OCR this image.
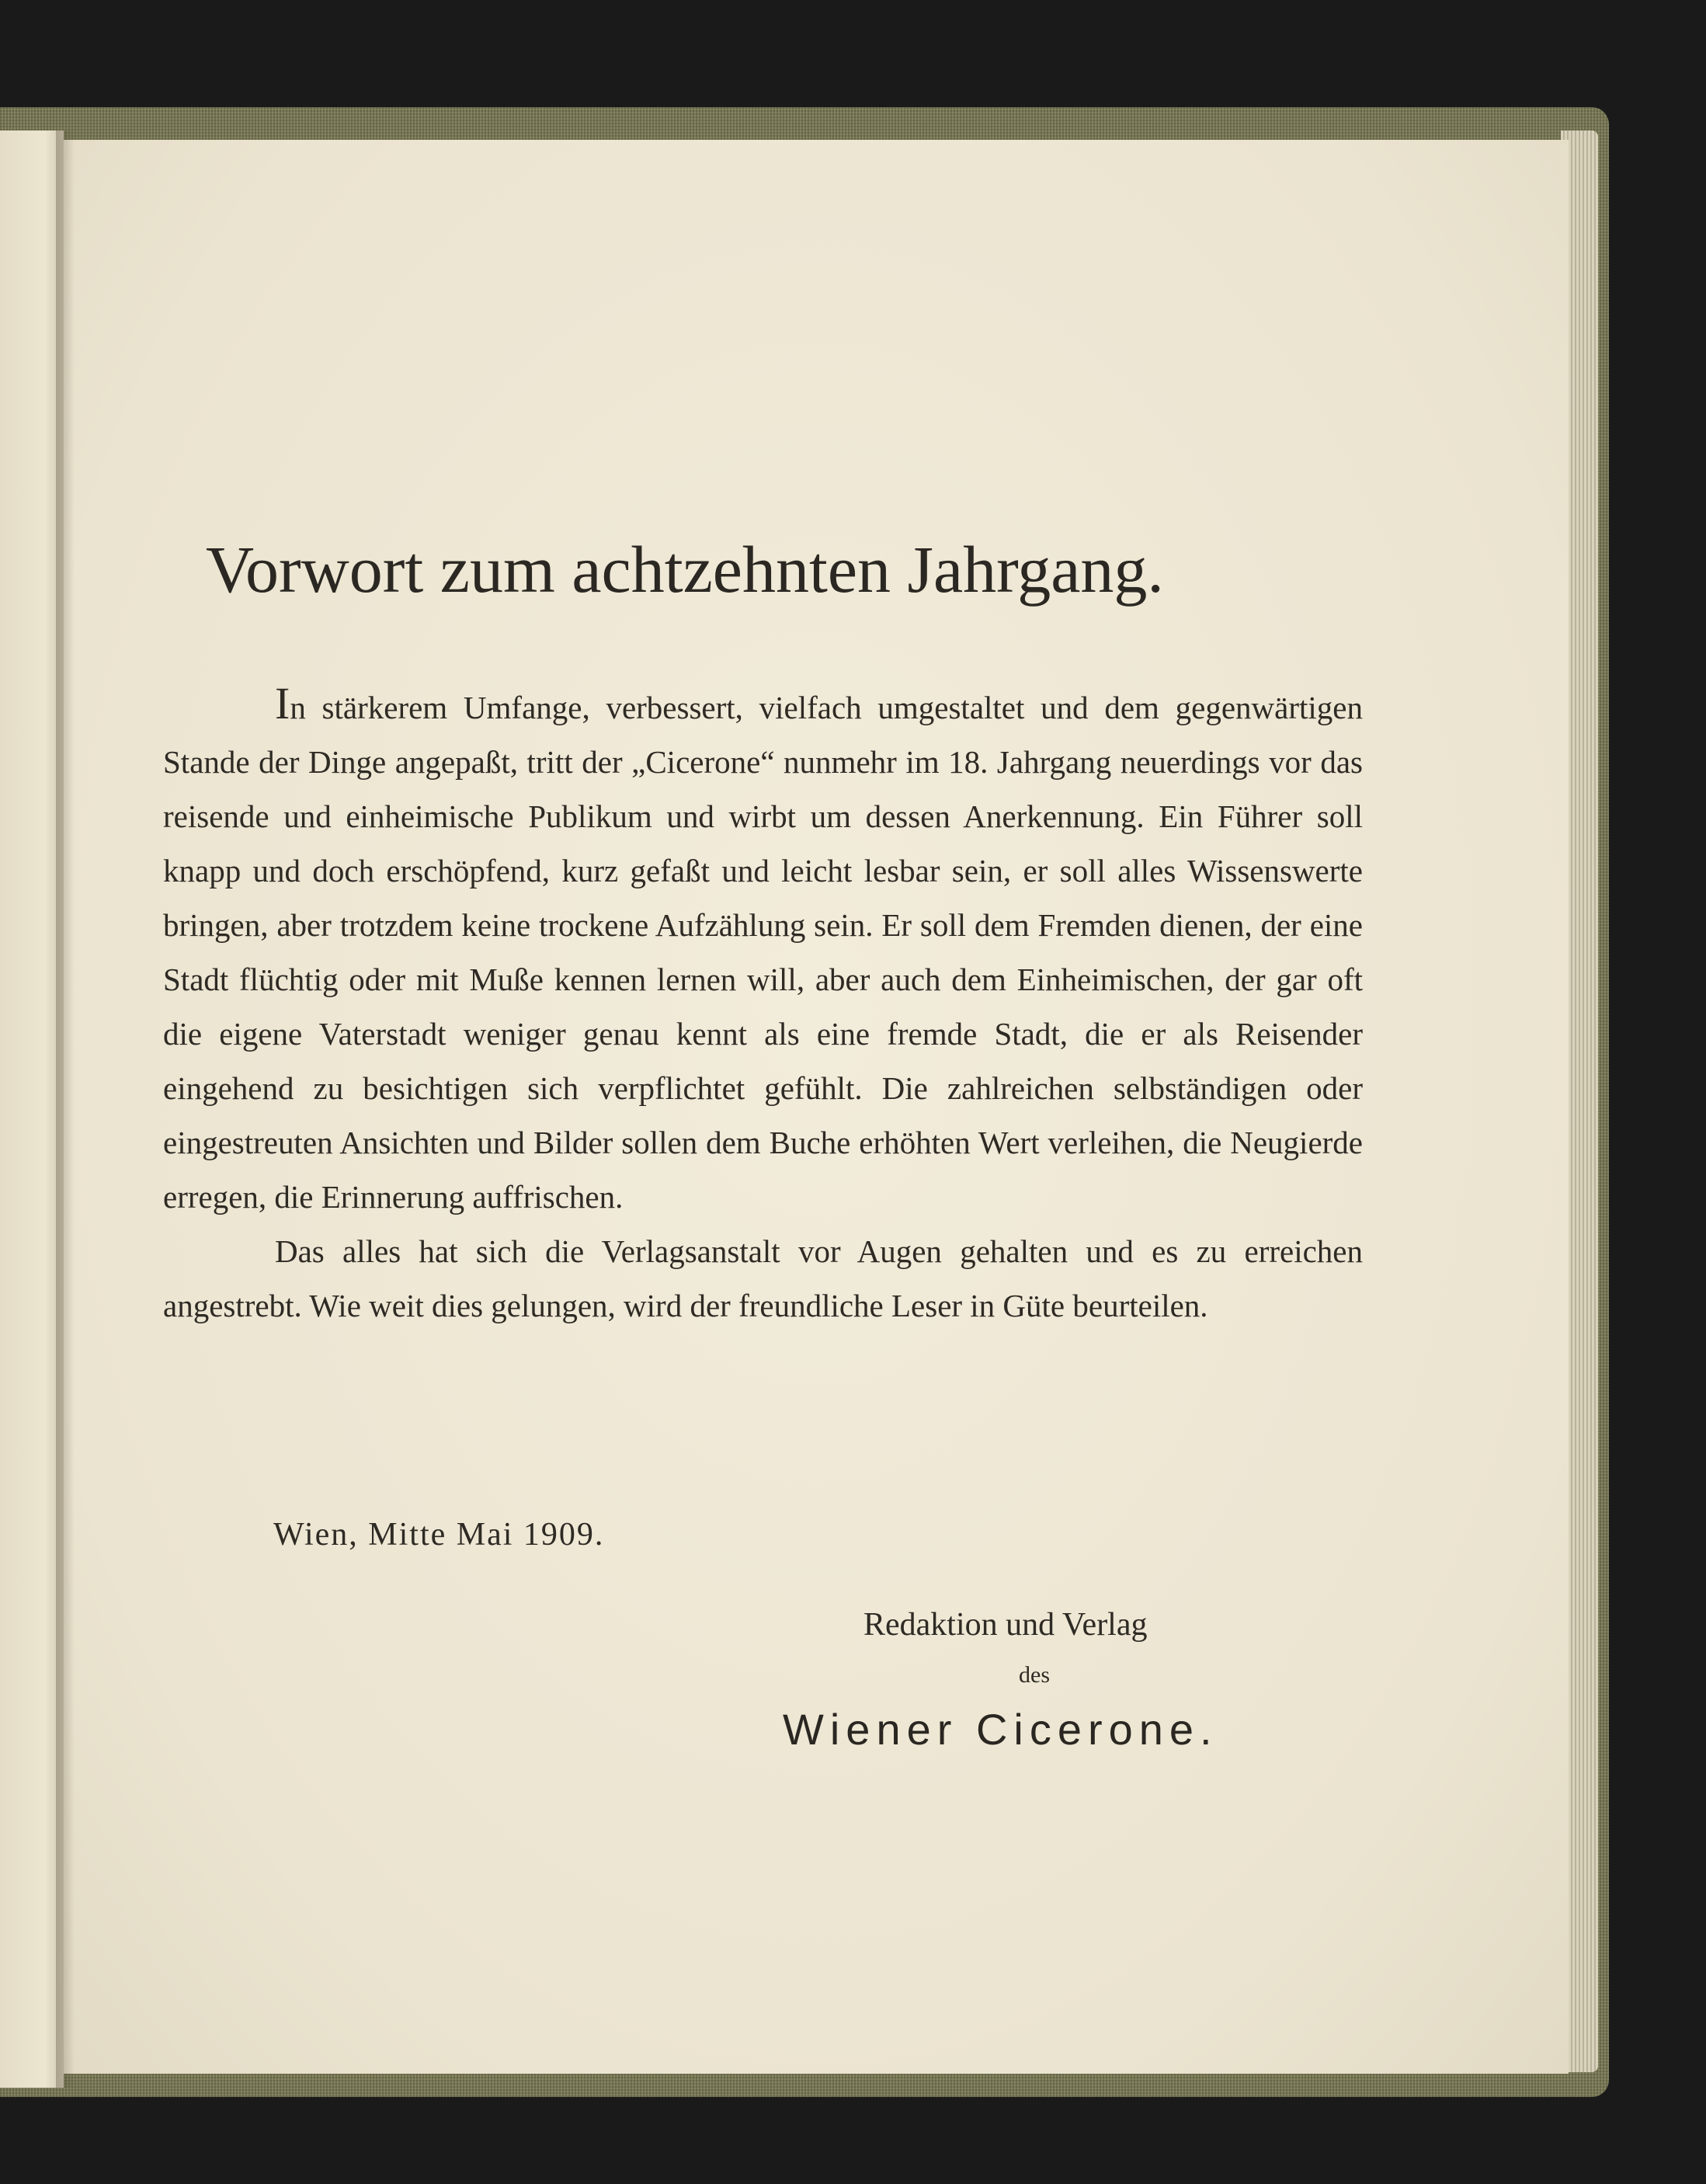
Vorwort zum achtzehnten Jahrgang.

In stärkerem Umfange, verbessert, vielfach umgestaltet und dem gegenwärtigen Stande der Dinge angepaßt, tritt der „Cicerone“ nunmehr im 18. Jahrgang neuerdings vor das reisende und einheimische Publikum und wirbt um dessen Anerkennung. Ein Führer soll knapp und doch erschöpfend, kurz gefaßt und leicht lesbar sein, er soll alles Wissenswerte bringen, aber trotzdem keine trockene Aufzählung sein. Er soll dem Fremden dienen, der eine Stadt flüchtig oder mit Muße kennen lernen will, aber auch dem Einheimischen, der gar oft die eigene Vaterstadt weniger genau kennt als eine fremde Stadt, die er als Reisender eingehend zu besichtigen sich verpflichtet gefühlt. Die zahlreichen selbständigen oder eingestreuten Ansichten und Bilder sollen dem Buche erhöhten Wert verleihen, die Neugierde erregen, die Erinnerung auffrischen.

Das alles hat sich die Verlagsanstalt vor Augen gehalten und es zu erreichen angestrebt. Wie weit dies gelungen, wird der freundliche Leser in Güte beurteilen.

Wien, Mitte Mai 1909.
Redaktion und Verlag
des
Wiener Cicerone.
